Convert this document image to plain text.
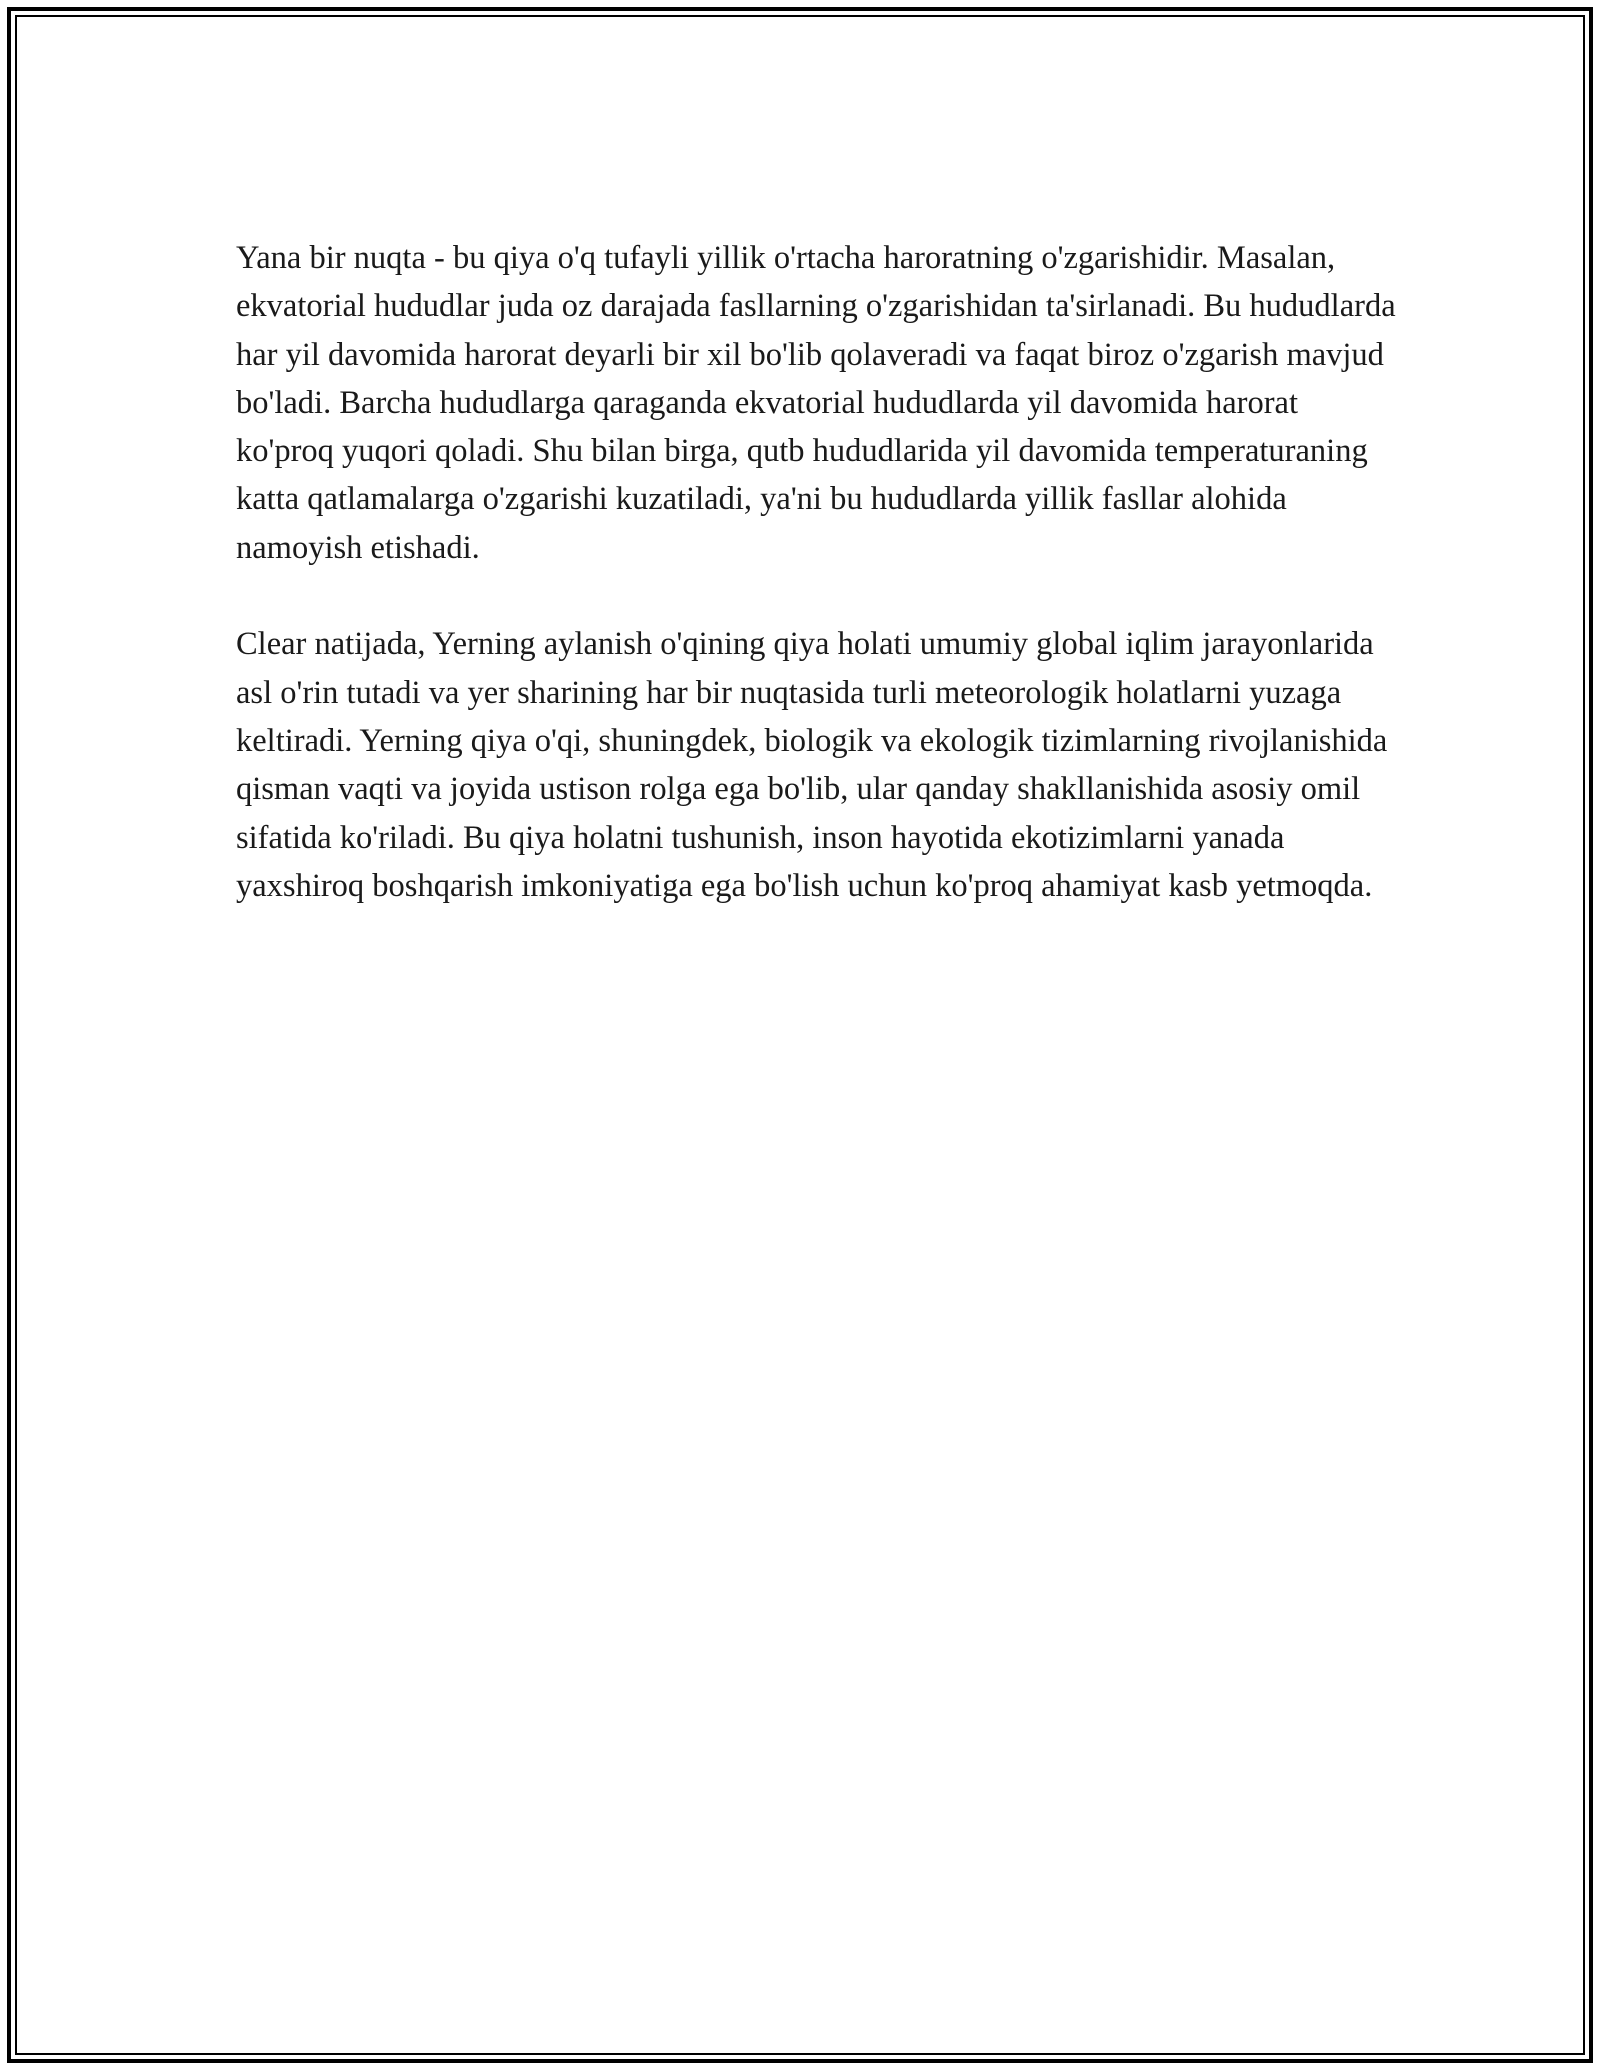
Yana bir nuqta - bu qiya o'q tufayli yillik o'rtacha haroratning o'zgarishidir. Masalan, ekvatorial hududlar juda oz darajada fasllarning o'zgarishidan ta'sirlanadi. Bu hududlarda har yil davomida harorat deyarli bir xil bo'lib qolaveradi va faqat biroz o'zgarish mavjud bo'ladi. Barcha hududlarga qaraganda ekvatorial hududlarda yil davomida harorat ko'proq yuqori qoladi. Shu bilan birga, qutb hududlarida yil davomida temperaturaning katta qatlamalarga o'zgarishi kuzatiladi, ya'ni bu hududlarda yillik fasllar alohida namoyish etishadi.

Clear natijada, Yerning aylanish o'qining qiya holati umumiy global iqlim jarayonlarida asl o'rin tutadi va yer sharining har bir nuqtasida turli meteorologik holatlarni yuzaga keltiradi. Yerning qiya o'qi, shuningdek, biologik va ekologik tizimlarning rivojlanishida qisman vaqti va joyida ustison rolga ega bo'lib, ular qanday shakllanishida asosiy omil sifatida ko'riladi. Bu qiya holatni tushunish, inson hayotida ekotizimlarni yanada yaxshiroq boshqarish imkoniyatiga ega bo'lish uchun ko'proq ahamiyat kasb yetmoqda.
